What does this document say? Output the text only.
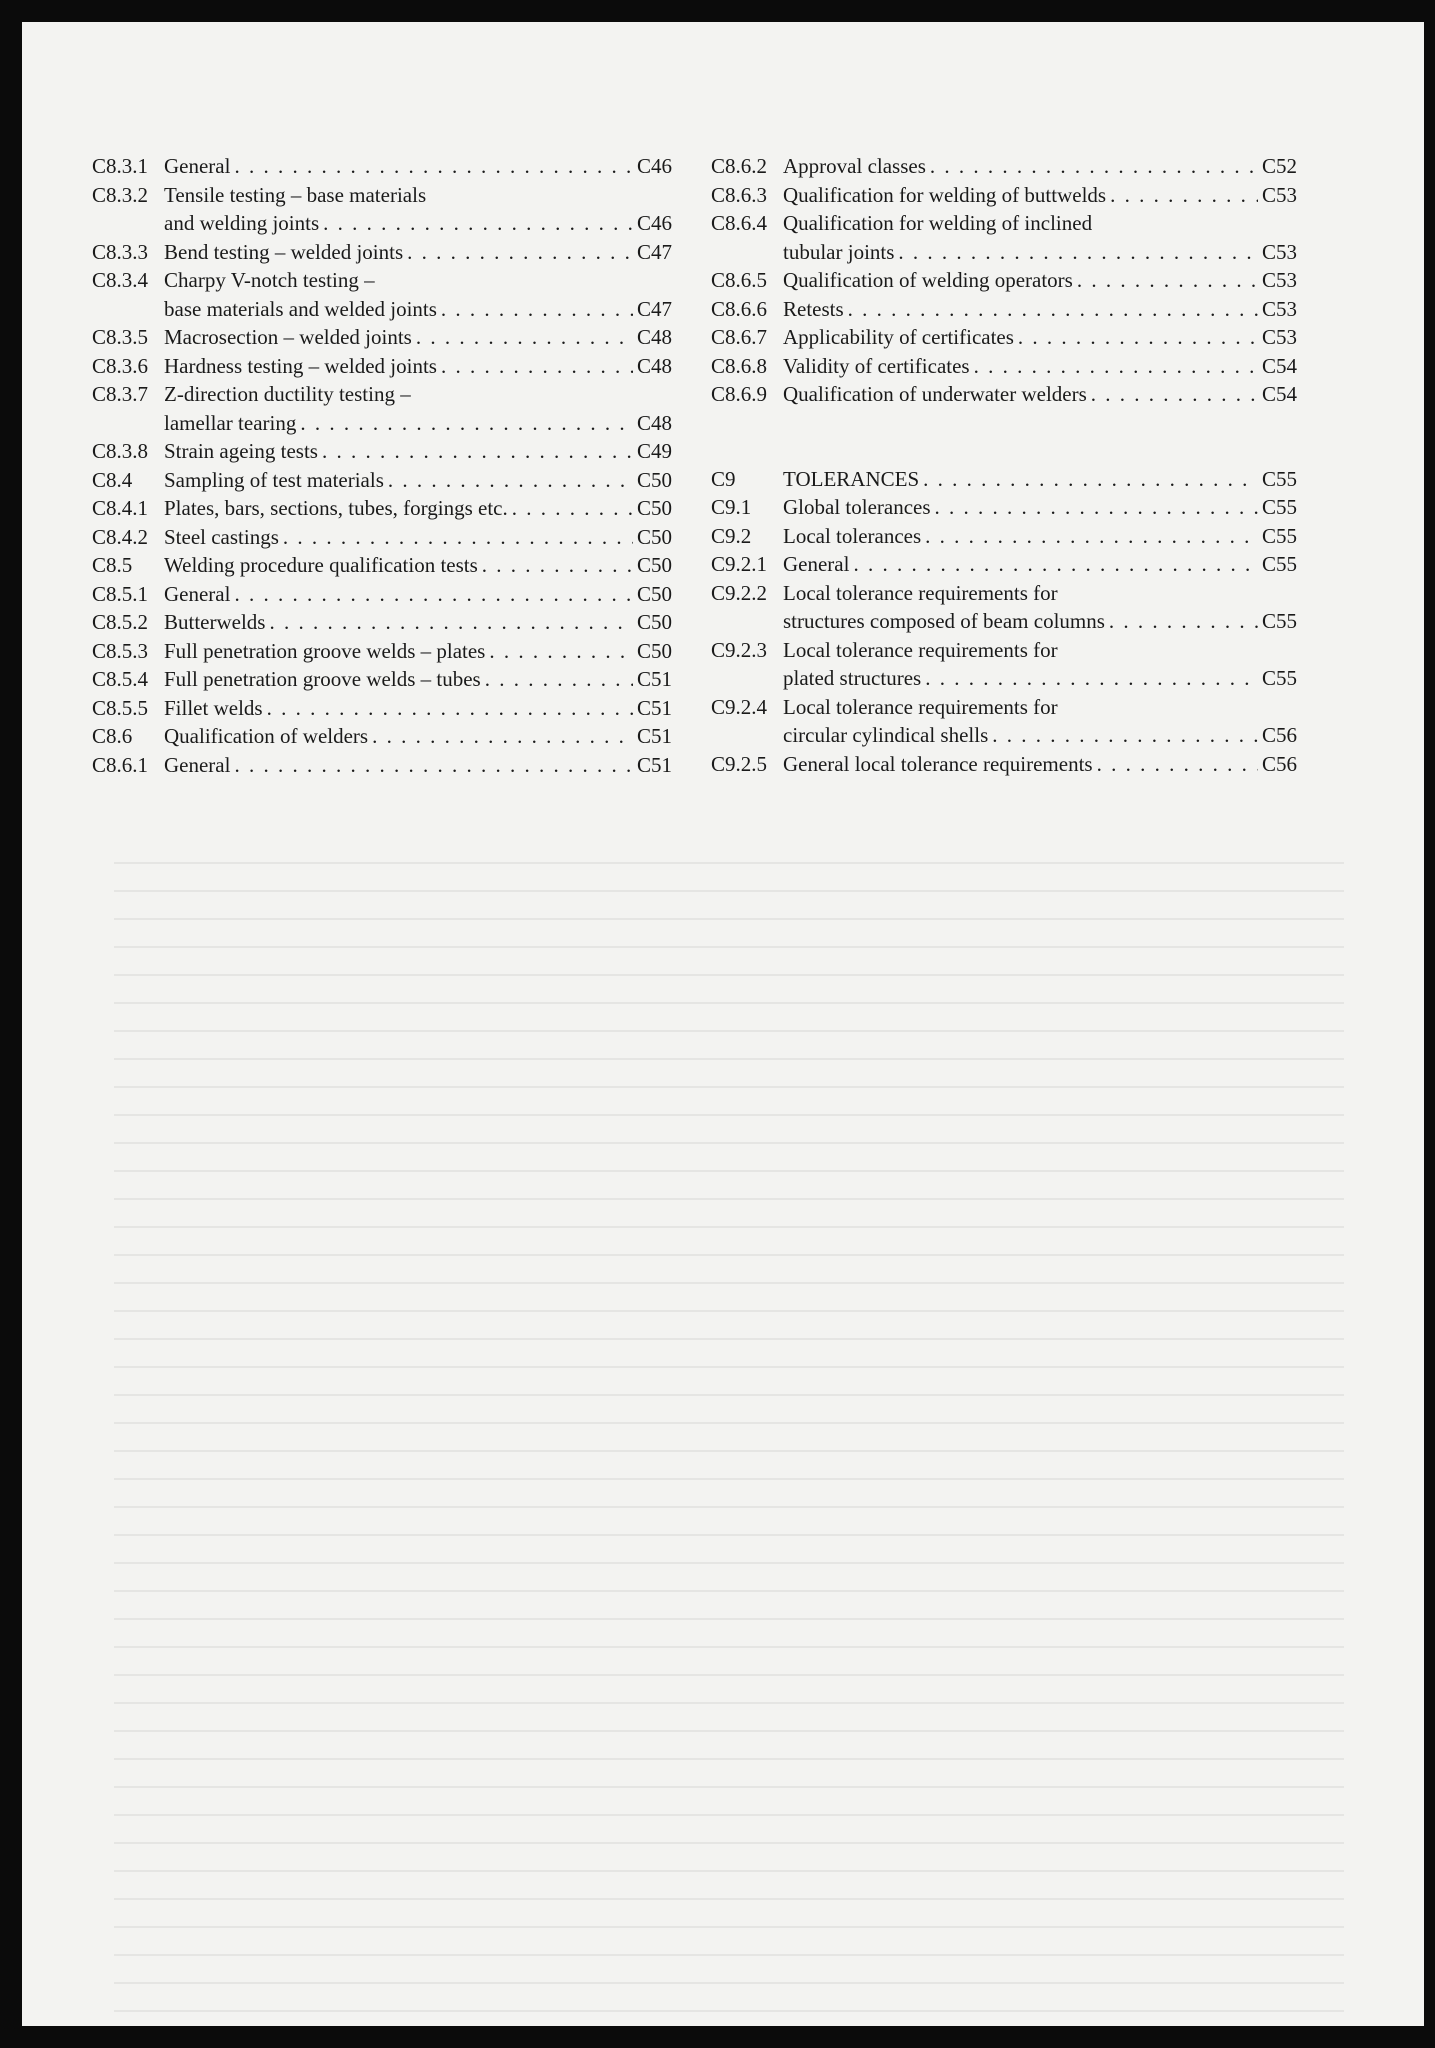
C8.3.1 General . . .	C46
C8.3.2 Tensile testing – base materials
and welding joints . . .	C46
C8.3.3 Bend testing – welded joints . . .	C47
C8.3.4 Charpy V-notch testing –
base materials and welded joints . . .	C47
C8.3.5 Macrosection – welded joints . . .	C48
C8.3.6 Hardness testing – welded joints . . .	C48
C8.3.7 Z-direction ductility testing –
lamellar tearing . . .	C48
C8.3.8 Strain ageing tests . . .	C49
C8.4	Sampling of test materials . . .	C50
C8.4.1 Plates, bars, sections, tubes, forgings etc. . . .	C50
C8.4.2 Steel castings . . .	C50
C8.5	Welding procedure qualification tests . . .	C50
C8.5.1 General . . .	C50
C8.5.2 Butterwelds . . .	C50
C8.5.3 Full penetration groove welds – plates . . .	C50
C8.5.4 Full penetration groove welds – tubes . . .	C51
C8.5.5 Fillet welds . . .	C51
C8.6	Qualification of welders . . .	C51
C8.6.1 General . . .	C51
C8.6.2 Approval classes . . .	C52
C8.6.3 Qualification for welding of buttwelds . . .	C53
C8.6.4 Qualification for welding of inclined
tubular joints . . .	C53
C8.6.5 Qualification of welding operators . . .	C53
C8.6.6 Retests . . .	C53
C8.6.7 Applicability of certificates . . .	C53
C8.6.8 Validity of certificates . . .	C54
C8.6.9 Qualification of underwater welders . . .	C54
C9	TOLERANCES . . .	C55
C9.1	Global tolerances . . .	C55
C9.2	Local tolerances . . .	C55
C9.2.1 General . . .	C55
C9.2.2 Local tolerance requirements for
structures composed of beam columns . . .	C55
C9.2.3 Local tolerance requirements for
plated structures . . .	C55
C9.2.4 Local tolerance requirements for
circular cylindical shells . . .	C56
C9.2.5 General local tolerance requirements . . .	C56
